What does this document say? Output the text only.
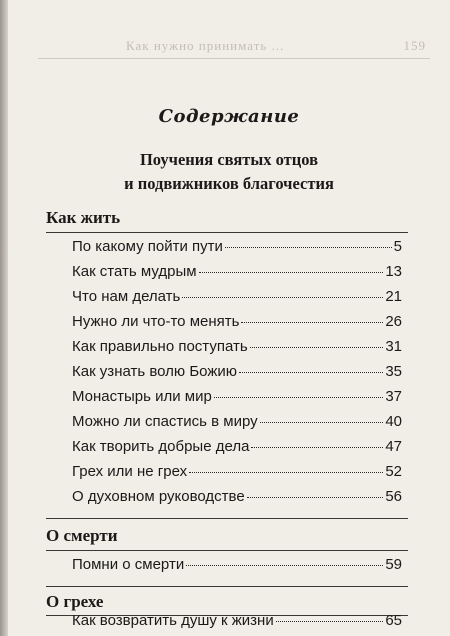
Как нужно принимать ...	159
Содержание
Поучения святых отцов
и подвижников благочестия
Как жить
По какому пойти пути	5
Как стать мудрым	13
Что нам делать	21
Нужно ли что-то менять	26
Как правильно поступать	31
Как узнать волю Божию	35
Монастырь или мир	37
Можно ли спастись в миру	40
Как творить добрые дела	47
Грех или не грех	52
О духовном руководстве	56
О смерти
Помни о смерти	59
О грехе
Как возвратить душу к жизни	65
